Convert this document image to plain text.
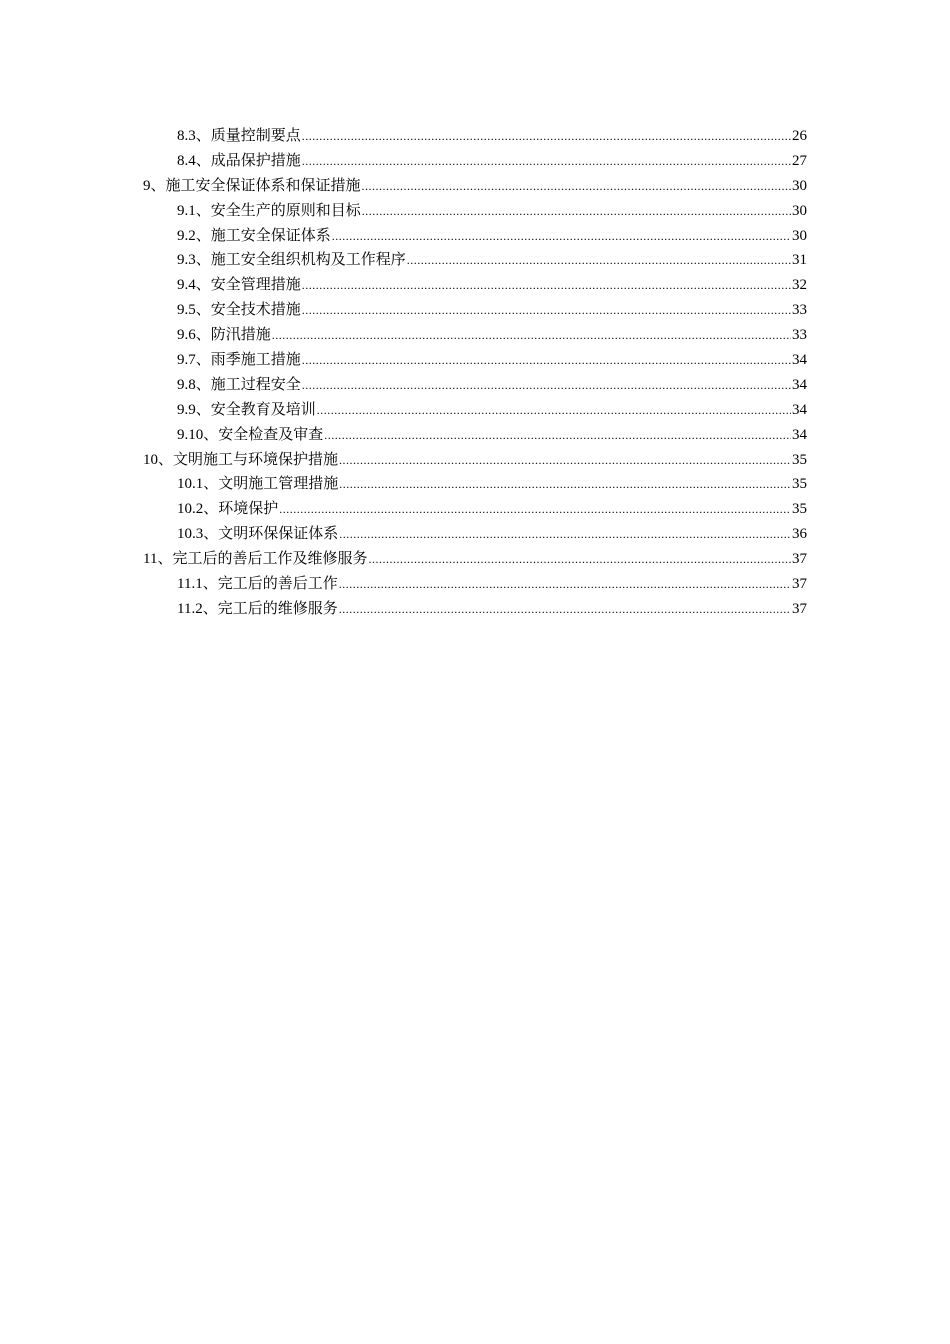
8.3、质量控制要点 .....	26
8.4、成品保护措施 .....	27
9、施工安全保证体系和保证措施 .....	30
9.1、安全生产的原则和目标 .....	30
9.2、施工安全保证体系 .....	30
9.3、施工安全组织机构及工作程序 .....	31
9.4、安全管理措施 .....	32
9.5、安全技术措施 .....	33
9.6、防汛措施 .....	33
9.7、雨季施工措施 .....	34
9.8、施工过程安全 .....	34
9.9、安全教育及培训 .....	34
9.10、安全检查及审查 .....	34
10、文明施工与环境保护措施 .....	35
10.1、文明施工管理措施 .....	35
10.2、环境保护 .....	35
10.3、文明环保保证体系 .....	36
11、完工后的善后工作及维修服务 .....	37
11.1、完工后的善后工作 .....	37
11.2、完工后的维修服务 .....	37
